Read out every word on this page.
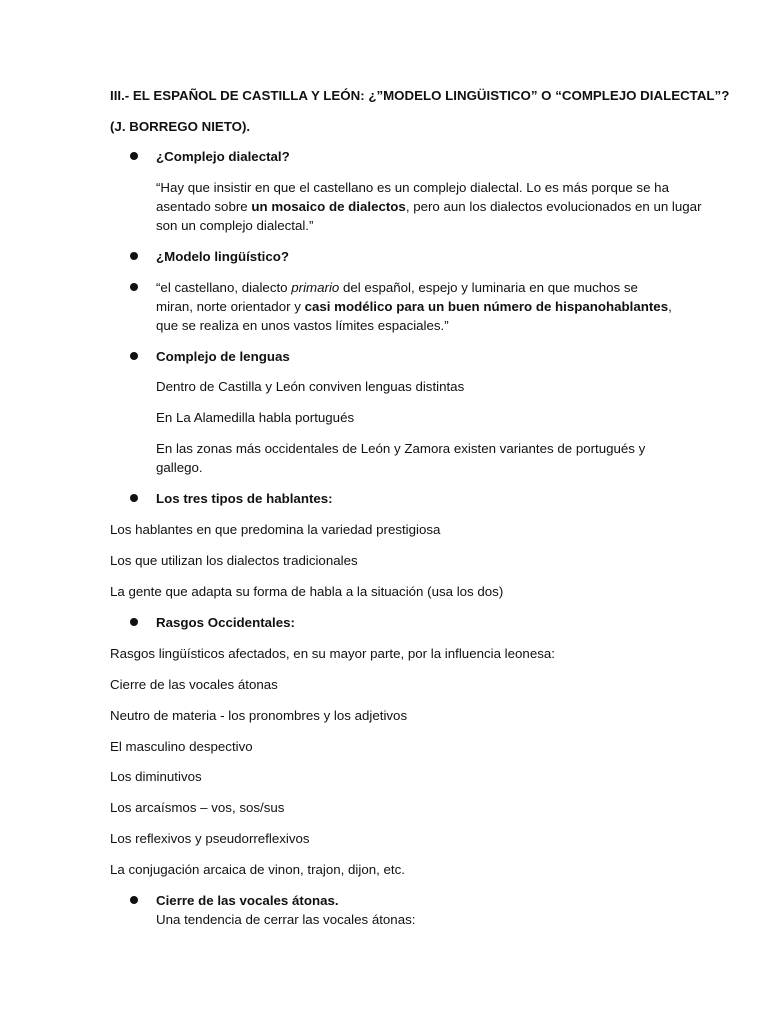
III.- EL ESPAÑOL DE CASTILLA Y LEÓN: ¿”MODELO LINGÜISTICO” O “COMPLEJO DIALECTAL”?
(J. BORREGO NIETO).
¿Complejo dialectal?
“Hay que insistir en que el castellano es un complejo dialectal. Lo es más porque se ha
asentado sobre un mosaico de dialectos, pero aun los dialectos evolucionados en un lugar
son un complejo dialectal.”
¿Modelo lingüístico?
“el castellano, dialecto primario del español, espejo y luminaria en que muchos se
miran, norte orientador y casi modélico para un buen número de hispanohablantes,
que se realiza en unos vastos límites espaciales.”
Complejo de lenguas
Dentro de Castilla y León conviven lenguas distintas
En La Alamedilla habla portugués
En las zonas más occidentales de León y Zamora existen variantes de portugués y
gallego.
Los tres tipos de hablantes:
Los hablantes en que predomina la variedad prestigiosa
Los que utilizan los dialectos tradicionales
La gente que adapta su forma de habla a la situación (usa los dos)
Rasgos Occidentales:
Rasgos lingüísticos afectados, en su mayor parte, por la influencia leonesa:
Cierre de las vocales átonas
Neutro de materia - los pronombres y los adjetivos
El masculino despectivo
Los diminutivos
Los arcaísmos – vos, sos/sus
Los reflexivos y pseudorreflexivos
La conjugación arcaica de vinon, trajon, dijon, etc.
Cierre de las vocales átonas.
Una tendencia de cerrar las vocales átonas:
